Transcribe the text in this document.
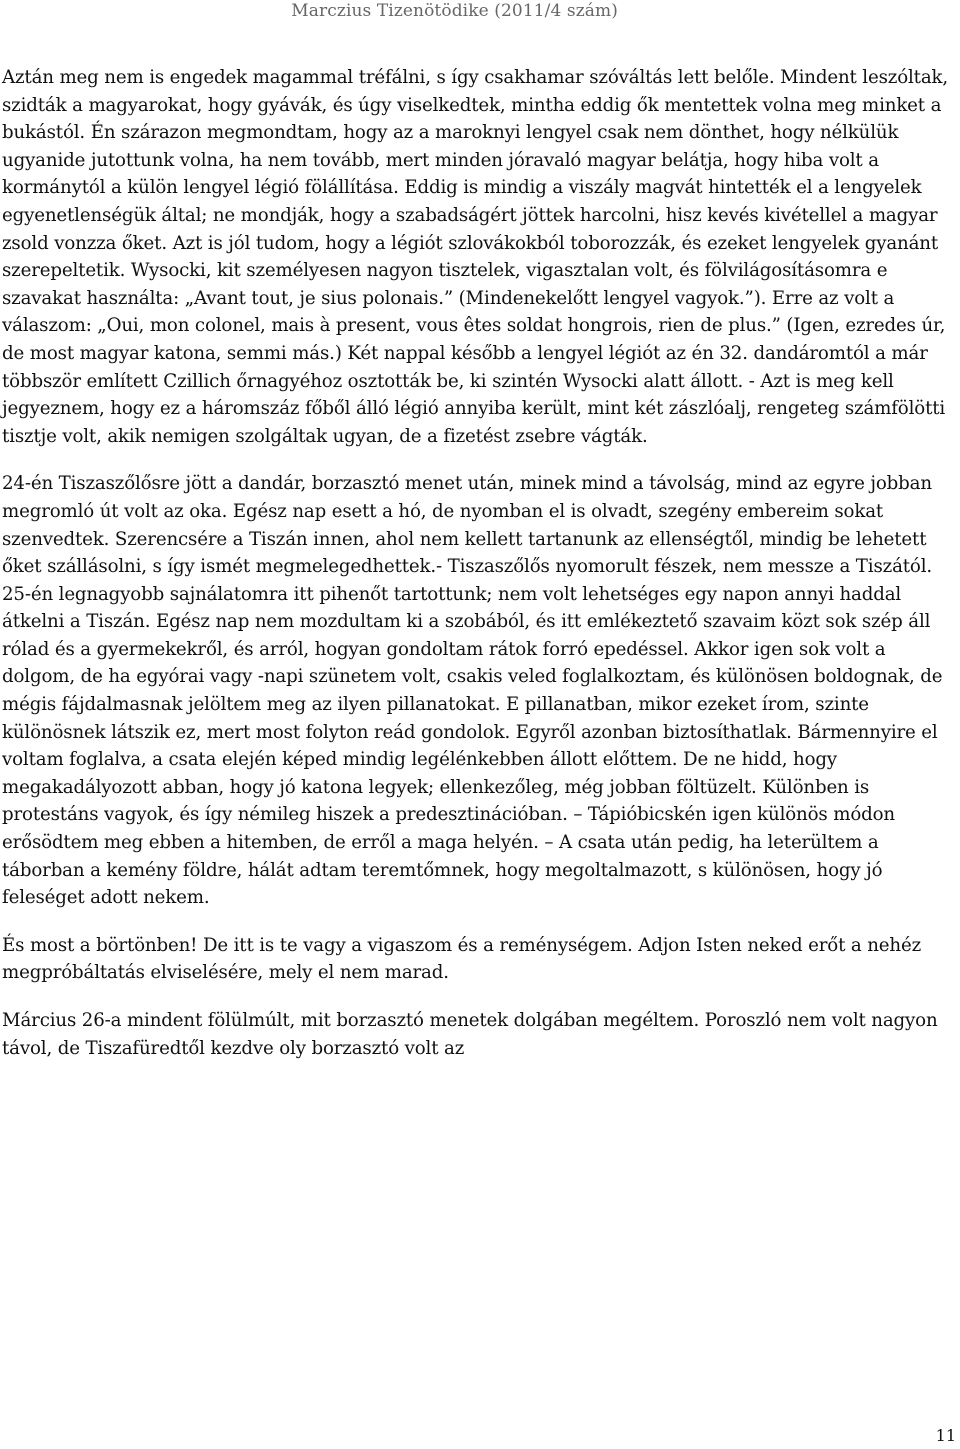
Marczius Tizenötödike (2011/4 szám)

Aztán meg nem is engedek magammal tréfálni, s így csakhamar szóváltás lett belőle. Mindent leszóltak, szidták a magyarokat, hogy gyávák, és úgy viselkedtek, mintha eddig ők mentettek volna meg minket a bukástól. Én szárazon megmondtam, hogy az a maroknyi lengyel csak nem dönthet, hogy nélkülük ugyanide jutottunk volna, ha nem tovább, mert minden jóravaló magyar belátja, hogy hiba volt a kormánytól a külön lengyel légió fölállítása. Eddig is mindig a viszály magvát hintették el a lengyelek egyenetlenségük által; ne mondják, hogy a szabadságért jöttek harcolni, hisz kevés kivétellel a magyar zsold vonzza őket. Azt is jól tudom, hogy a légiót szlovákokból toborozzák, és ezeket lengyelek gyanánt szerepeltetik. Wysocki, kit személyesen nagyon tisztelek, vigasztalan volt, és fölvilágosításomra e szavakat használta: „Avant tout, je sius polonais.” (Mindenekelőtt lengyel vagyok.”). Erre az volt a válaszom: „Oui, mon colonel, mais à present, vous êtes soldat hongrois, rien de plus.” (Igen, ezredes úr, de most magyar katona, semmi más.) Két nappal később a lengyel légiót az én 32. dandáromtól a már többször említett Czillich őrnagyéhoz osztották be, ki szintén Wysocki alatt állott. - Azt is meg kell jegyeznem, hogy ez a háromszáz főből álló légió annyiba került, mint két zászlóalj, rengeteg számfölötti tisztje volt, akik nemigen szolgáltak ugyan, de a fizetést zsebre vágták.

24-én Tiszaszőlősre jött a dandár, borzasztó menet után, minek mind a távolság, mind az egyre jobban megromló út volt az oka. Egész nap esett a hó, de nyomban el is olvadt, szegény embereim sokat szenvedtek. Szerencsére a Tiszán innen, ahol nem kellett tartanunk az ellenségtől, mindig be lehetett őket szállásolni, s így ismét megmelegedhettek.- Tiszaszőlős nyomorult fészek, nem messze a Tiszától. 25-én legnagyobb sajnálatomra itt pihenőt tartottunk; nem volt lehetséges egy napon annyi haddal átkelni a Tiszán. Egész nap nem mozdultam ki a szobából, és itt emlékeztető szavaim közt sok szép áll rólad és a gyermekekről, és arról, hogyan gondoltam rátok forró epedéssel. Akkor igen sok volt a dolgom, de ha egyórai vagy -napi szünetem volt, csakis veled foglalkoztam, és különösen boldognak, de mégis fájdalmasnak jelöltem meg az ilyen pillanatokat. E pillanatban, mikor ezeket írom, szinte különösnek látszik ez, mert most folyton reád gondolok. Egyről azonban biztosíthatlak. Bármennyire el voltam foglalva, a csata elején képed mindig legélénkebben állott előttem. De ne hidd, hogy megakadályozott abban, hogy jó katona legyek; ellenkezőleg, még jobban föltüzelt. Különben is protestáns vagyok, és így némileg hiszek a predesztinációban. – Tápióbicskén igen különös módon erősödtem meg ebben a hitemben, de erről a maga helyén. – A csata után pedig, ha leterültem a táborban a kemény földre, hálát adtam teremtőmnek, hogy megoltalmazott, s különösen, hogy jó feleséget adott nekem.

És most a börtönben! De itt is te vagy a vigaszom és a reménységem. Adjon Isten neked erőt a nehéz megpróbáltatás elviselésére, mely el nem marad.

Március 26-a mindent fölülmúlt, mit borzasztó menetek dolgában megéltem. Poroszló nem volt nagyon távol, de Tiszafüredtől kezdve oly borzasztó volt az

11
